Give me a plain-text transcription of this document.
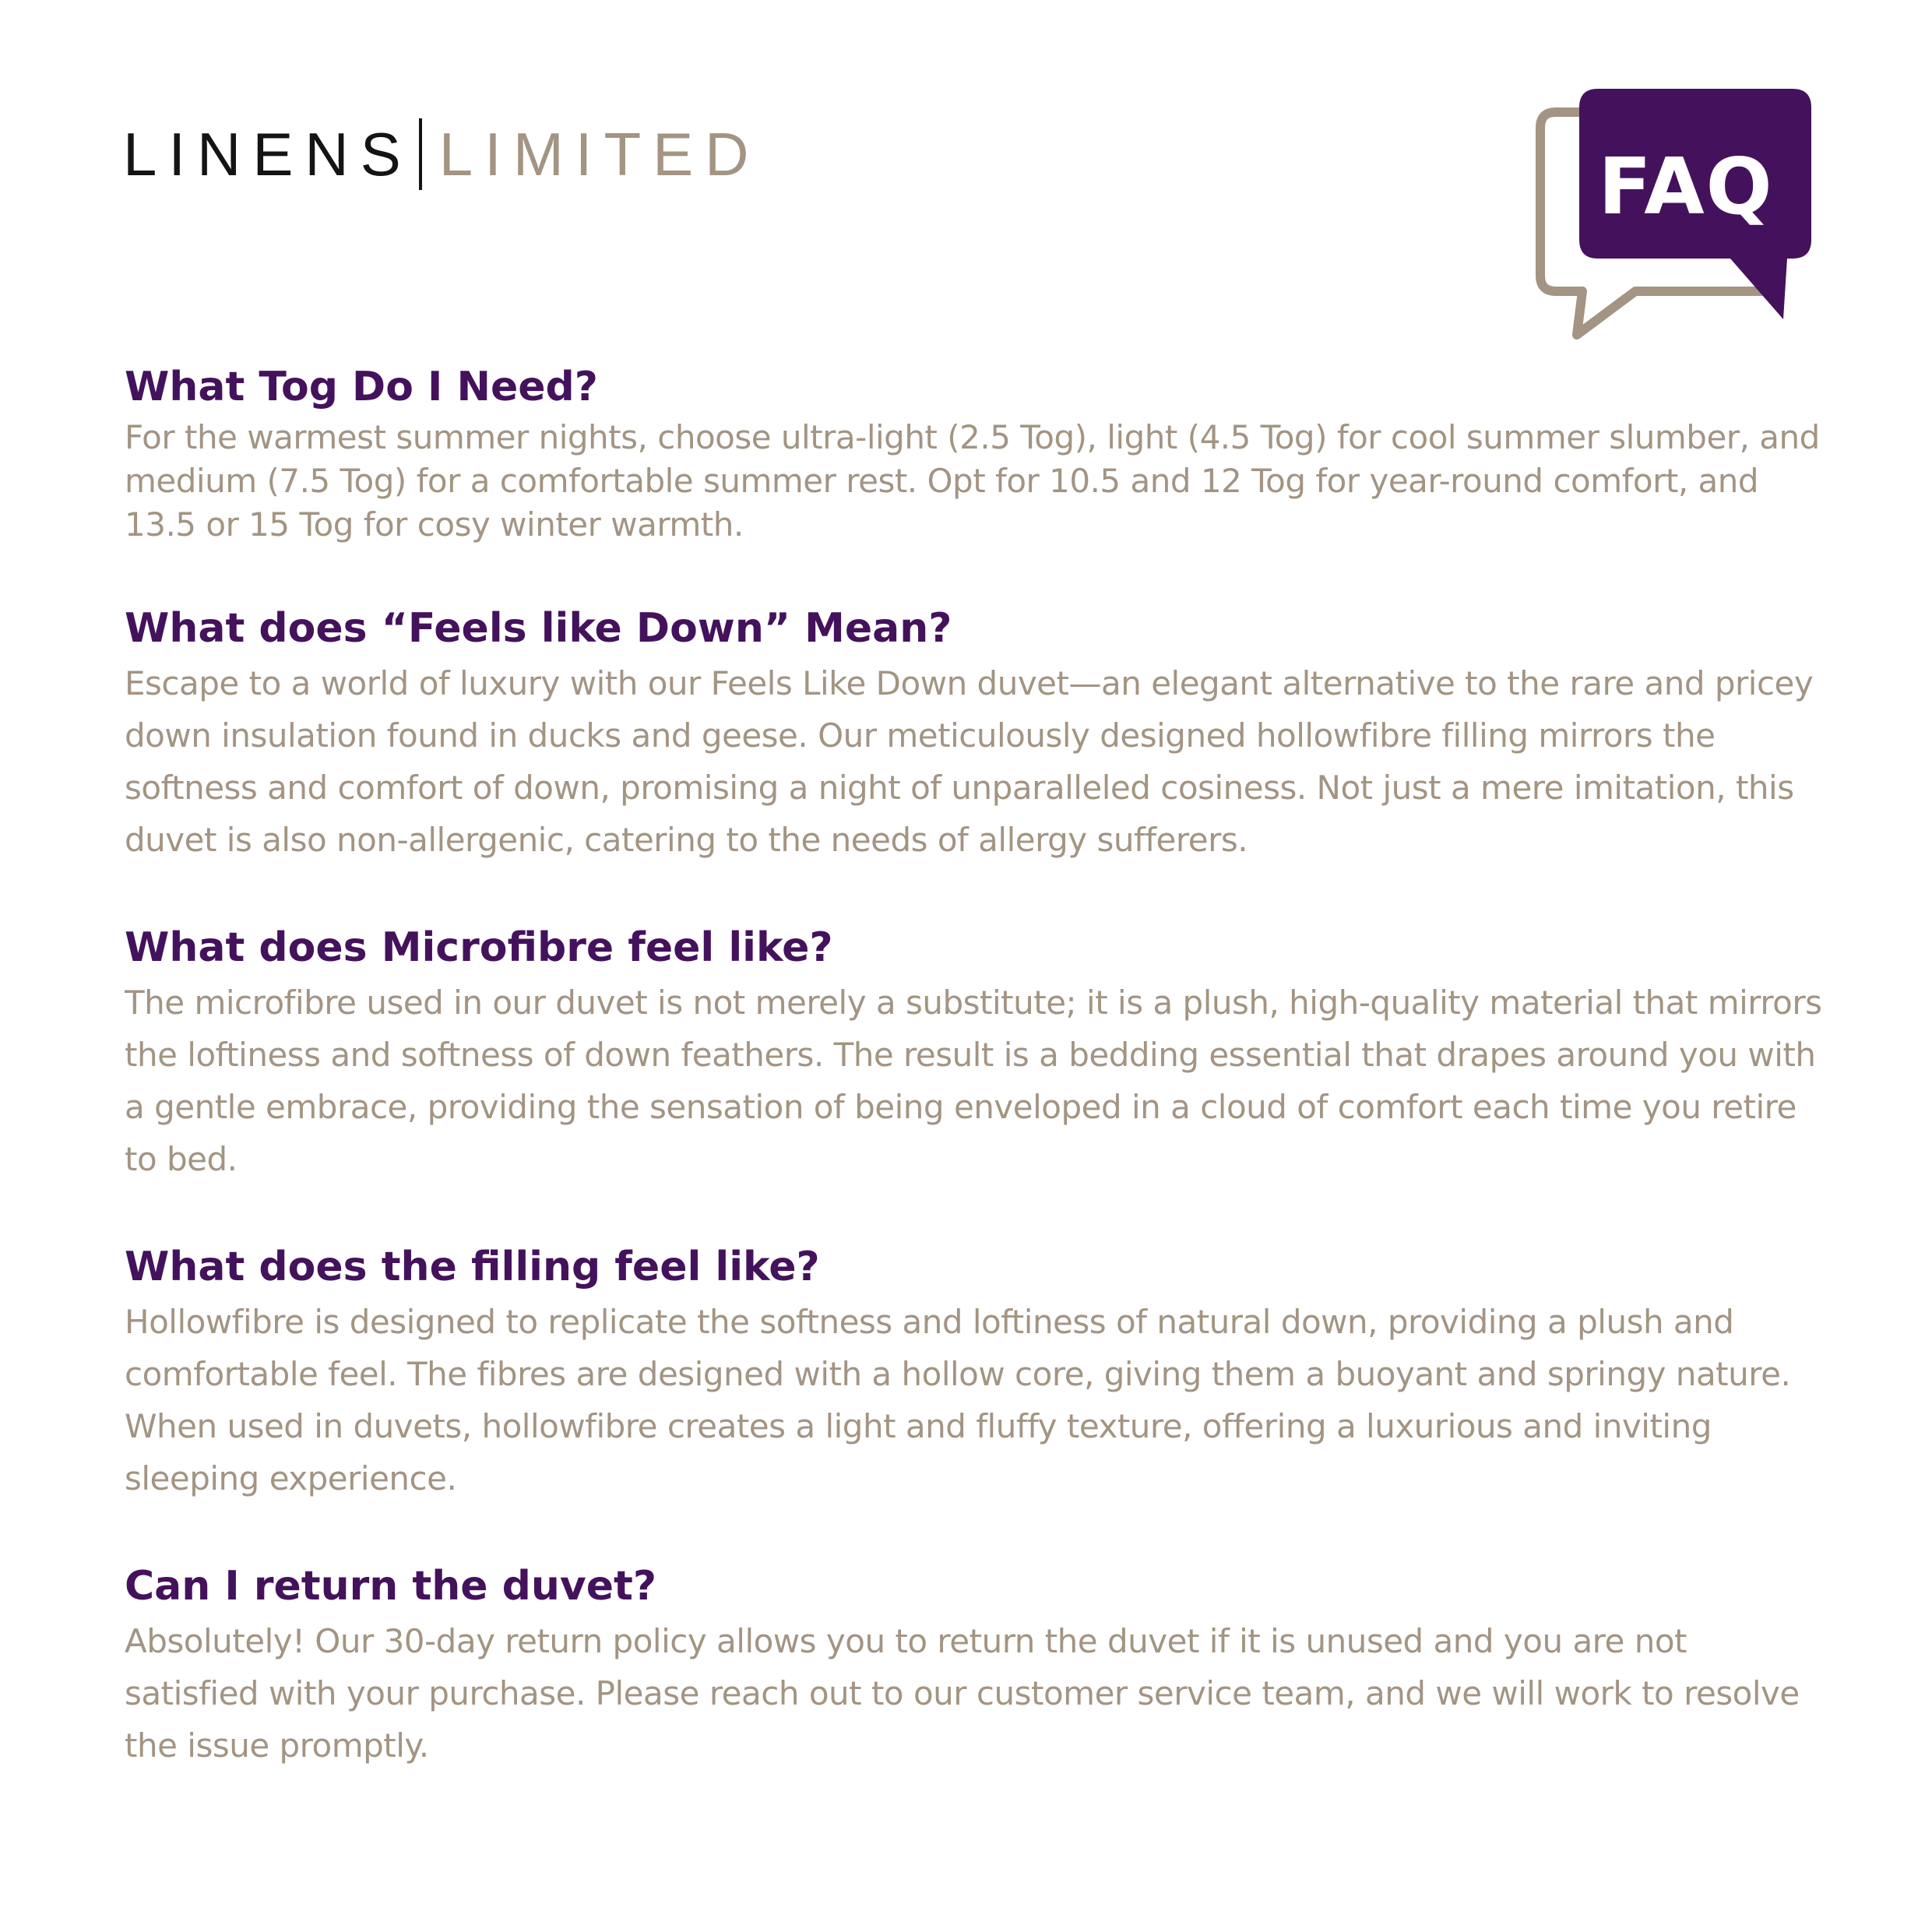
LINENS LIMITED	FAQ
What Tog Do I Need?

For the warmest summer nights, choose ultra-light (2.5 Tog), light (4.5 Tog) for cool summer slumber, and medium (7.5 Tog) for a comfortable summer rest. Opt for 10.5 and 12 Tog for year-round comfort, and 13.5 or 15 Tog for cosy winter warmth.

What does “Feels like Down” Mean?

Escape to a world of luxury with our Feels Like Down duvet—an elegant alternative to the rare and pricey down insulation found in ducks and geese. Our meticulously designed hollowfibre filling mirrors the softness and comfort of down, promising a night of unparalleled cosiness. Not just a mere imitation, this duvet is also non-allergenic, catering to the needs of allergy sufferers.

What does Microfibre feel like?

The microfibre used in our duvet is not merely a substitute; it is a plush, high-quality material that mirrors the loftiness and softness of down feathers. The result is a bedding essential that drapes around you with a gentle embrace, providing the sensation of being enveloped in a cloud of comfort each time you retire to bed.

What does the filling feel like?

Hollowfibre is designed to replicate the softness and loftiness of natural down, providing a plush and comfortable feel. The fibres are designed with a hollow core, giving them a buoyant and springy nature. When used in duvets, hollowfibre creates a light and fluffy texture, offering a luxurious and inviting sleeping experience.

Can I return the duvet?

Absolutely! Our 30-day return policy allows you to return the duvet if it is unused and you are not satisfied with your purchase. Please reach out to our customer service team, and we will work to resolve the issue promptly.
